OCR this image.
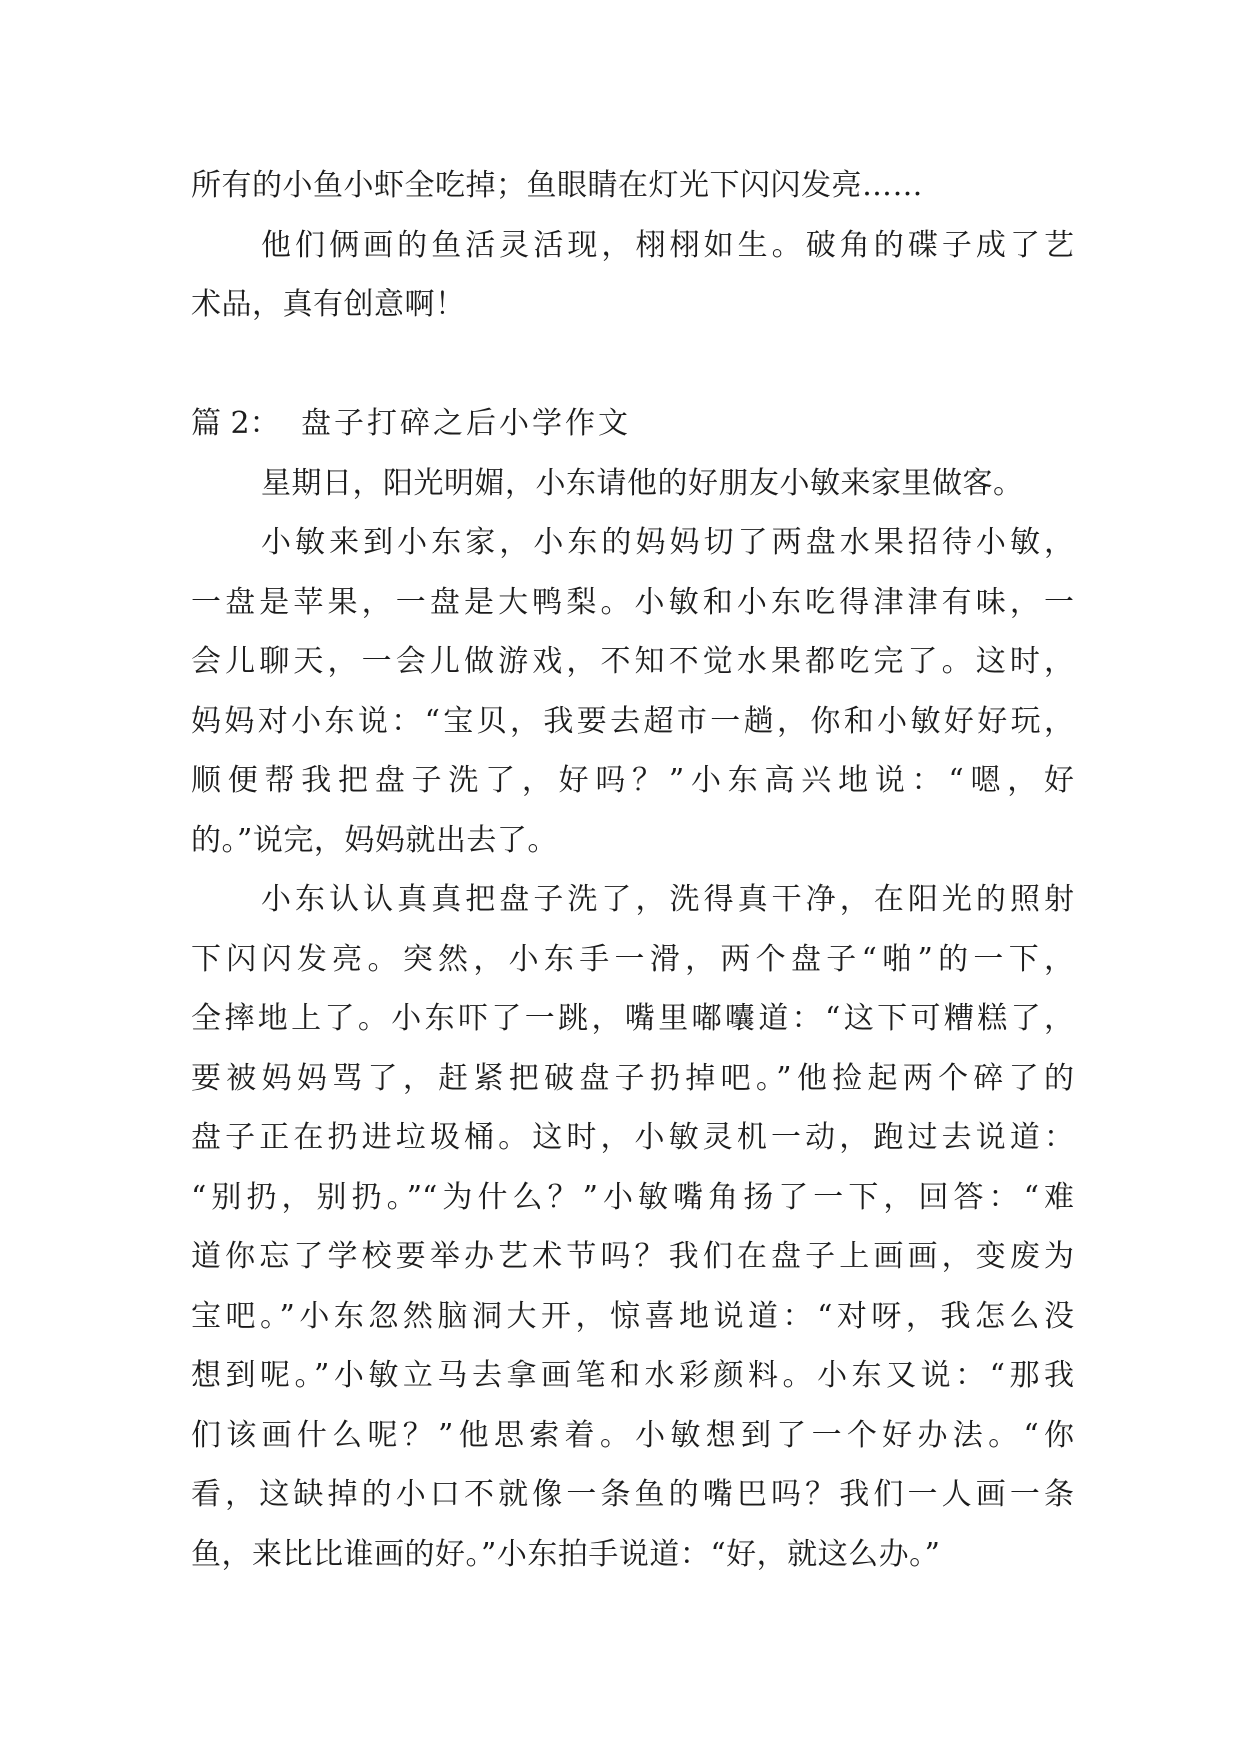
所有的小鱼小虾全吃掉；鱼眼睛在灯光下闪闪发亮……
他们俩画的鱼活灵活现，栩栩如生。破角的碟子成了艺
术品，真有创意啊！
篇 2： 盘子打碎之后小学作文
星期日，阳光明媚，小东请他的好朋友小敏来家里做客。
小敏来到小东家，小东的妈妈切了两盘水果招待小敏，
一盘是苹果，一盘是大鸭梨。小敏和小东吃得津津有味，一
会儿聊天，一会儿做游戏，不知不觉水果都吃完了。这时，
妈妈对小东说：“宝贝，我要去超市一趟，你和小敏好好玩，
顺便帮我把盘子洗了，好吗？”小东高兴地说：“嗯，好
的。”说完，妈妈就出去了。
小东认认真真把盘子洗了，洗得真干净，在阳光的照射
下闪闪发亮。突然，小东手一滑，两个盘子“啪”的一下，
全摔地上了。小东吓了一跳，嘴里嘟囔道：“这下可糟糕了，
要被妈妈骂了，赶紧把破盘子扔掉吧。”他捡起两个碎了的
盘子正在扔进垃圾桶。这时，小敏灵机一动，跑过去说道：
“别扔，别扔。”“为什么？”小敏嘴角扬了一下，回答：“难
道你忘了学校要举办艺术节吗？我们在盘子上画画，变废为
宝吧。”小东忽然脑洞大开，惊喜地说道：“对呀，我怎么没
想到呢。”小敏立马去拿画笔和水彩颜料。小东又说：“那我
们该画什么呢？”他思索着。小敏想到了一个好办法。“你
看，这缺掉的小口不就像一条鱼的嘴巴吗？我们一人画一条
鱼，来比比谁画的好。”小东拍手说道：“好，就这么办。”
